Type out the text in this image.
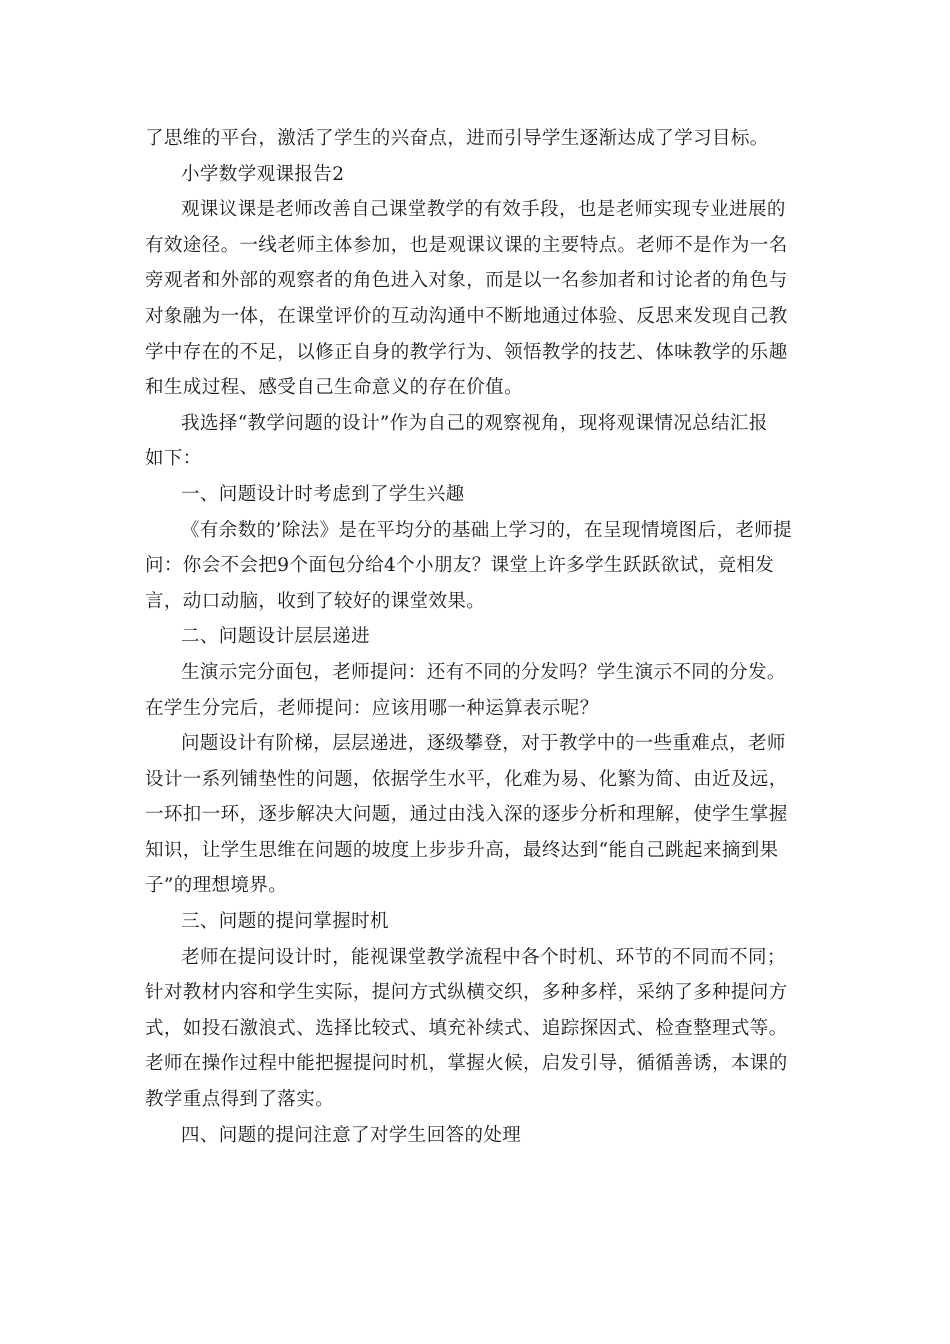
了思维的平台，激活了学生的兴奋点，进而引导学生逐渐达成了学习目标。
小学数学观课报告2
观课议课是老师改善自己课堂教学的有效手段，也是老师实现专业进展的
有效途径。一线老师主体参加，也是观课议课的主要特点。老师不是作为一名
旁观者和外部的观察者的角色进入对象，而是以一名参加者和讨论者的角色与
对象融为一体，在课堂评价的互动沟通中不断地通过体验、反思来发现自己教
学中存在的不足，以修正自身的教学行为、领悟教学的技艺、体味教学的乐趣
和生成过程、感受自己生命意义的存在价值。
我选择“教学问题的设计”作为自己的观察视角，现将观课情况总结汇报
如下：
一、问题设计时考虑到了学生兴趣
《有余数的’除法》是在平均分的基础上学习的，在呈现情境图后，老师提
问：你会不会把9个面包分给4个小朋友？课堂上许多学生跃跃欲试，竞相发
言，动口动脑，收到了较好的课堂效果。
二、问题设计层层递进
生演示完分面包，老师提问：还有不同的分发吗？学生演示不同的分发。
在学生分完后，老师提问：应该用哪一种运算表示呢？
问题设计有阶梯，层层递进，逐级攀登，对于教学中的一些重难点，老师
设计一系列铺垫性的问题，依据学生水平，化难为易、化繁为简、由近及远，
一环扣一环，逐步解决大问题，通过由浅入深的逐步分析和理解，使学生掌握
知识，让学生思维在问题的坡度上步步升高，最终达到“能自己跳起来摘到果
子”的理想境界。
三、问题的提问掌握时机
老师在提问设计时，能视课堂教学流程中各个时机、环节的不同而不同；
针对教材内容和学生实际，提问方式纵横交织，多种多样，采纳了多种提问方
式，如投石激浪式、选择比较式、填充补续式、追踪探因式、检查整理式等。
老师在操作过程中能把握提问时机，掌握火候，启发引导，循循善诱，本课的
教学重点得到了落实。
四、问题的提问注意了对学生回答的处理
